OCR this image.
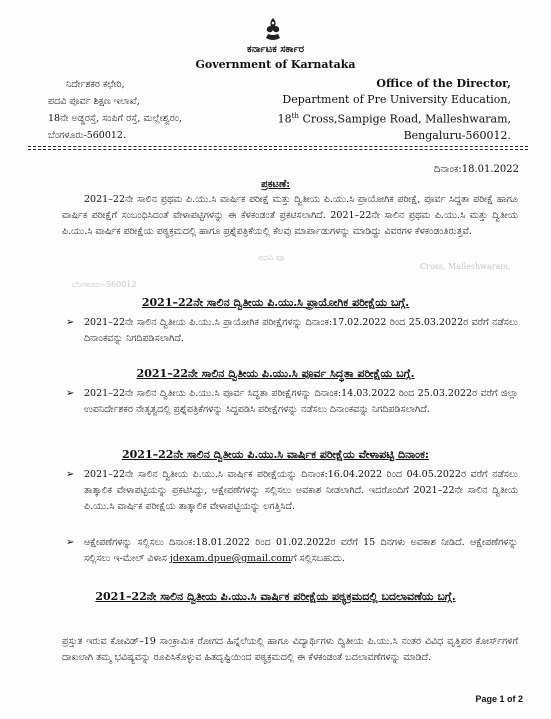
ಕರ್ನಾಟಕ ಸರ್ಕಾರ
Government of Karnataka
ನಿರ್ದೇಶಕರ ಕಛೇರಿ,
ಪದವಿ ಪೂರ್ವ ಶಿಕ್ಷಣ ಇಲಾಖೆ,
18ನೇ ಅಡ್ಡರಸ್ತೆ, ಸಂಪಿಗೆ ರಸ್ತೆ, ಮಲ್ಲೇಶ್ವರಂ,
ಬೆಂಗಳೂರು-560012.
Office of the Director,
Department of Pre University Education,
18th Cross,Sampige Road, Malleshwaram,
Bengaluru-560012.
ದಿನಾಂಕ:18.01.2022
ಪ್ರಕಟಣೆ:
2021–22ನೇ ಸಾಲಿನ ಪ್ರಥಮ ಪಿ.ಯು.ಸಿ ವಾರ್ಷಿಕ ಪರೀಕ್ಷೆ ಮತ್ತು ದ್ವಿತೀಯ ಪಿ.ಯು.ಸಿ ಪ್ರಾಯೋಗಿಕ ಪರೀಕ್ಷೆ, ಪೂರ್ವ ಸಿದ್ಧತಾ ಪರೀಕ್ಷೆ ಹಾಗೂ ವಾರ್ಷಿಕ ಪರೀಕ್ಷೆಗೆ ಸಂಬಂಧಿಸಿದಂತೆ ವೇಳಾಪಟ್ಟಿಗಳನ್ನು ಈ ಕೆಳಕಂಡಂತೆ ಪ್ರಕಟಿಸಲಾಗಿದೆ. 2021–22ನೇ ಸಾಲಿನ ಪ್ರಥಮ ಪಿ.ಯು.ಸಿ ಮತ್ತು ದ್ವಿತೀಯ ಪಿ.ಯು.ಸಿ ವಾರ್ಷಿಕ ಪರೀಕ್ಷೆಯ ಪಠ್ಯಕ್ರಮದಲ್ಲಿ ಹಾಗೂ ಪ್ರಶ್ನೆಪತ್ರಿಕೆಯಲ್ಲಿ ಕೆಲವು ಮಾರ್ಪಾಡುಗಳನ್ನು ಮಾಡಿದ್ದು ವಿವರಗಳ ಕೆಳಕಂಡಂತಿರುತ್ತವೆ.
ಪದವಿ ಪೂ
Cross, Malleshwaram,
ಬೆಂಗಳೂರು–560012
2021–22ನೇ ಸಾಲಿನ ದ್ವಿತೀಯ ಪಿ.ಯು.ಸಿ ಪ್ರಾಯೋಗಿಕ ಪರೀಕ್ಷೆಯ ಬಗ್ಗೆ.
➢ 2021–22ನೇ ಸಾಲಿನ ದ್ವಿತೀಯ ಪಿ.ಯು.ಸಿ ಪ್ರಾಯೋಗಿಕ ಪರೀಕ್ಷೆಗಳನ್ನು ದಿನಾಂಕ:17.02.2022 ರಿಂದ 25.03.2022ರ ವರೆಗೆ ನಡೆಸಲು ದಿನಾಂಕವನ್ನು ನಿಗದಿಪಡಿಸಲಾಗಿದೆ.
2021–22ನೇ ಸಾಲಿನ ದ್ವಿತೀಯ ಪಿ.ಯು.ಸಿ ಪೂರ್ವ ಸಿದ್ಧತಾ ಪರೀಕ್ಷೆಯ ಬಗ್ಗೆ.
➢ 2021–22ನೇ ಸಾಲಿನ ದ್ವಿತೀಯ ಪಿ.ಯು.ಸಿ ಪೂರ್ವ ಸಿದ್ಧತಾ ಪರೀಕ್ಷೆಗಳನ್ನು ದಿನಾಂಕ:14.03.2022 ರಿಂದ 25.03.2022ರ ವರೆಗೆ ಜಿಲ್ಲಾ ಉಪನಿರ್ದೇಶಕರ ನೇತೃತ್ವದಲ್ಲಿ ಪ್ರಶ್ನೆಪತ್ರಿಕೆಗಳನ್ನು ಸಿದ್ಧಪಡಿಸಿ ಪರೀಕ್ಷೆಗಳನ್ನು ನಡೆಸಲು ದಿನಾಂಕವನ್ನು ನಿಗದಿಪಡಿಸಲಾಗಿದೆ.
2021–22ನೇ ಸಾಲಿನ ದ್ವಿತೀಯ ಪಿ.ಯು.ಸಿ ವಾರ್ಷಿಕ ಪರೀಕ್ಷೆಯ ವೇಳಾಪಟ್ಟಿ ದಿನಾಂಕ:
➢ 2021–22ನೇ ಸಾಲಿನ ದ್ವಿತೀಯ ಪಿ.ಯು.ಸಿ ವಾರ್ಷಿಕ ಪರೀಕ್ಷೆಯನ್ನು ದಿನಾಂಕ:16.04.2022 ರಿಂದ 04.05.2022ರ ವರೆಗೆ ನಡೆಸಲು ತಾತ್ಕಾಲಿಕ ವೇಳಾಪಟ್ಟಿಯನ್ನು ಪ್ರಕಟಿಸಿದ್ದು, ಆಕ್ಷೇಪಣೆಗಳನ್ನು ಸಲ್ಲಿಸಲು ಅವಕಾಶ ನೀಡಲಾಗಿದೆ. ಇದರೊಂದಿಗೆ 2021–22ನೇ ಸಾಲಿನ ದ್ವಿತೀಯ ಪಿ.ಯು.ಸಿ ವಾರ್ಷಿಕ ಪರೀಕ್ಷೆಯ ತಾತ್ಕಾಲಿಕ ವೇಳಾಪಟ್ಟಿಯನ್ನು ಲಗತ್ತಿಸಿದೆ.
➢ ಆಕ್ಷೇಪಣೆಗಳನ್ನು ಸಲ್ಲಿಸಲು ದಿನಾಂಕ:18.01.2022 ರಿಂದ 01.02.2022ರ ವರೆಗೆ 15 ದಿನಗಳು ಅವಕಾಶ ನೀಡಿದೆ. ಆಕ್ಷೇಪಣೆಗಳನ್ನು ಸಲ್ಲಿಸಲು ಇ-ಮೇಲ್ ವಿಳಾಸ jdexam.dpue@gmail.comಗೆ ಸಲ್ಲಿಸಬಹುದು.
2021–22ನೇ ಸಾಲಿನ ದ್ವಿತೀಯ ಪಿ.ಯು.ಸಿ ವಾರ್ಷಿಕ ಪರೀಕ್ಷೆಯ ಪಠ್ಯಕ್ರಮದಲ್ಲಿ ಬದಲಾವಣೆಯ ಬಗ್ಗೆ.
ಪ್ರಸ್ತುತ ಇರುವ ಕೋವಿಡ್–19 ಸಾಂಕ್ರಾಮಿಕ ರೋಗದ ಹಿನ್ನೆಲೆಯಲ್ಲಿ ಹಾಗೂ ವಿದ್ಯಾರ್ಥಿಗಳು ದ್ವಿತೀಯ ಪಿ.ಯು.ಸಿ ನಂತರ ವಿವಿಧ ವೃತ್ತಿಪರ ಕೋರ್ಸ್‌ಗಳಿಗೆ ದಾಖಲಾಗಿ ತಮ್ಮ ಭವಿಷ್ಯವನ್ನು ರೂಪಿಸಿಕೊಳ್ಳುವ ಹಿತದೃಷ್ಟಿಯಿಂದ ಪಠ್ಯಕ್ರಮದಲ್ಲಿ ಈ ಕೆಳಕಂಡಂತೆ ಬದಲಾವಣೆಗಳನ್ನು ಮಾಡಿದೆ.
Page 1 of 2
